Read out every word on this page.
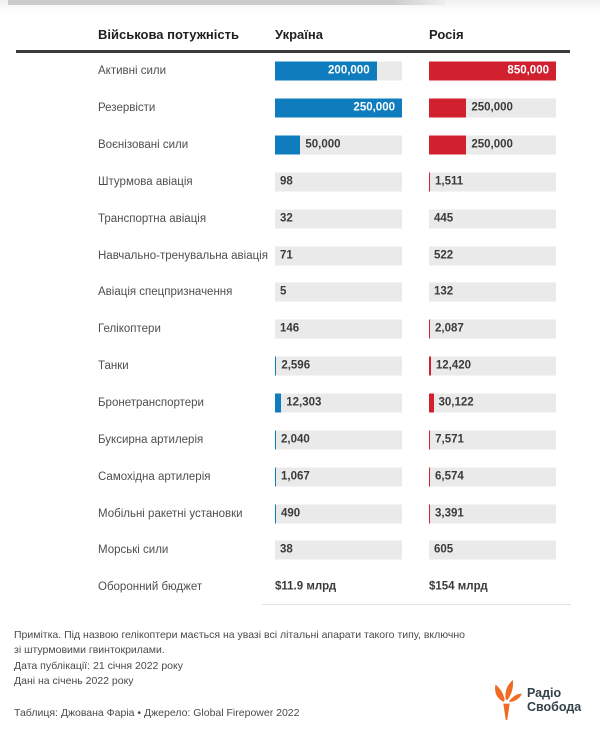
Військова потужність	Україна	Росія
Активні сили	200,000	850,000
Резервісти	250,000	250,000
Воєнізовані сили	50,000	250,000
Штурмова авіація	98	1,511
Транспортна авіація	32	445
Навчально-тренувальна авіація 71	522
Авіація спецпризначення	5	132
Гелікоптери	146	2,087
Танки	2,596	12,420
Бронетранспортери	12,303	30,122
Буксирна артилерія	2,040	7,571
Самохідна артилерія	1,067	6,574
Мобільні ракетні установки	490	3,391
Морські сили	38	605
Оборонний бюджет	$11.9 млрд	$154 млрд
Примітка. Під назвою гелікоптери мається на увазі всі літальні апарати такого типу, включно
зі штурмовими гвинтокрилами.
Дата публікації: 21 січня 2022 року
Дані на січень 2022 року
Таблиця: Джована Фаріа • Джерело: Global Firepower 2022
Радіо
Свобода
